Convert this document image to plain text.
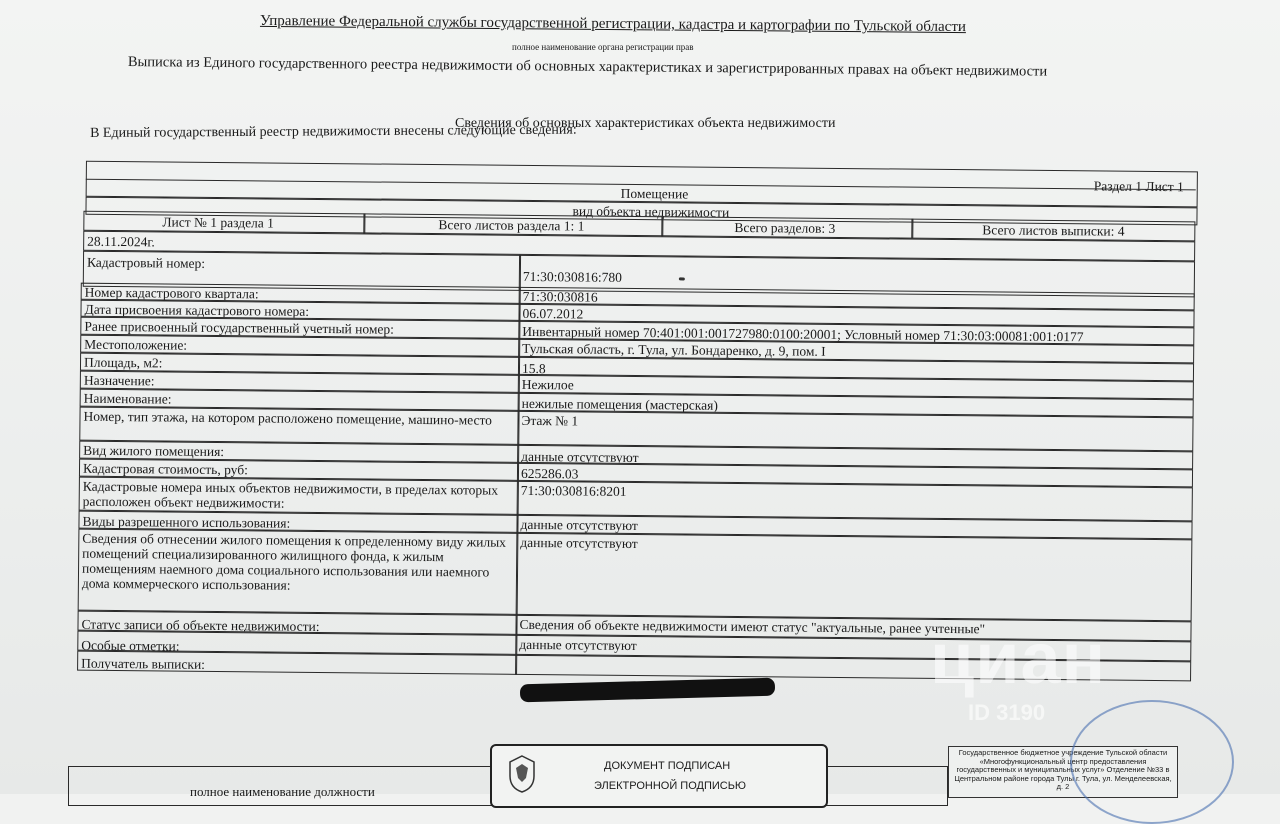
Управление Федеральной службы государственной регистрации, кадастра и картографии по Тульской области
полное наименование органа регистрации прав
Выписка из Единого государственного реестра недвижимости об основных характеристиках и зарегистрированных правах на объект недвижимости
Сведения об основных характеристиках объекта недвижимости
В Единый государственный реестр недвижимости внесены следующие сведения:
Раздел 1 Лист 1
Помещение
вид объекта недвижимости
Лист № 1 раздела 1	Всего листов раздела 1: 1	Всего разделов: 3	Всего листов выписки: 4
28.11.2024г.
Кадастровый номер:
71:30:030816:780
Номер кадастрового квартала:	71:30:030816
Дата присвоения кадастрового номера:	06.07.2012
Ранее присвоенный государственный учетный номер:	Инвентарный номер 70:401:001:001727980:0100:20001; Условный номер 71:30:03:00081:001:0177
Местоположение:	Тульская область, г. Тула, ул. Бондаренко, д. 9, пом. I
Площадь, м2:	15.8
Назначение:	Нежилое
Наименование:	нежилые помещения (мастерская)
Номер, тип этажа, на котором расположено помещение, машино-место	Этаж № 1
Вид жилого помещения:	данные отсутствуют
Кадастровая стоимость, руб:	625286.03
Кадастровые номера иных объектов недвижимости, в пределах которых расположен объект недвижимости:
71:30:030816:8201
Виды разрешенного использования:	данные отсутствуют
Сведения об отнесении жилого помещения к определенному виду жилых помещений специализированного жилищного фонда, к жилым помещениям наемного дома социального использования или наемного дома коммерческого использования:
данные отсутствуют
Статус записи об объекте недвижимости:	Сведения об объекте недвижимости имеют статус "актуальные, ранее учтенные"
Особые отметки:	данные отсутствуют
Получатель выписки:	циан
ID 3190
полное наименование должности
ДОКУМЕНТ ПОДПИСАН
ЭЛЕКТРОННОЙ ПОДПИСЬЮ
Государственное бюджетное учреждение Тульской области «Многофункциональный центр предоставления государственных и муниципальных услуг» Отделение №33 в Центральном районе города Тулы г. Тула, ул. Менделеевская, д. 2
